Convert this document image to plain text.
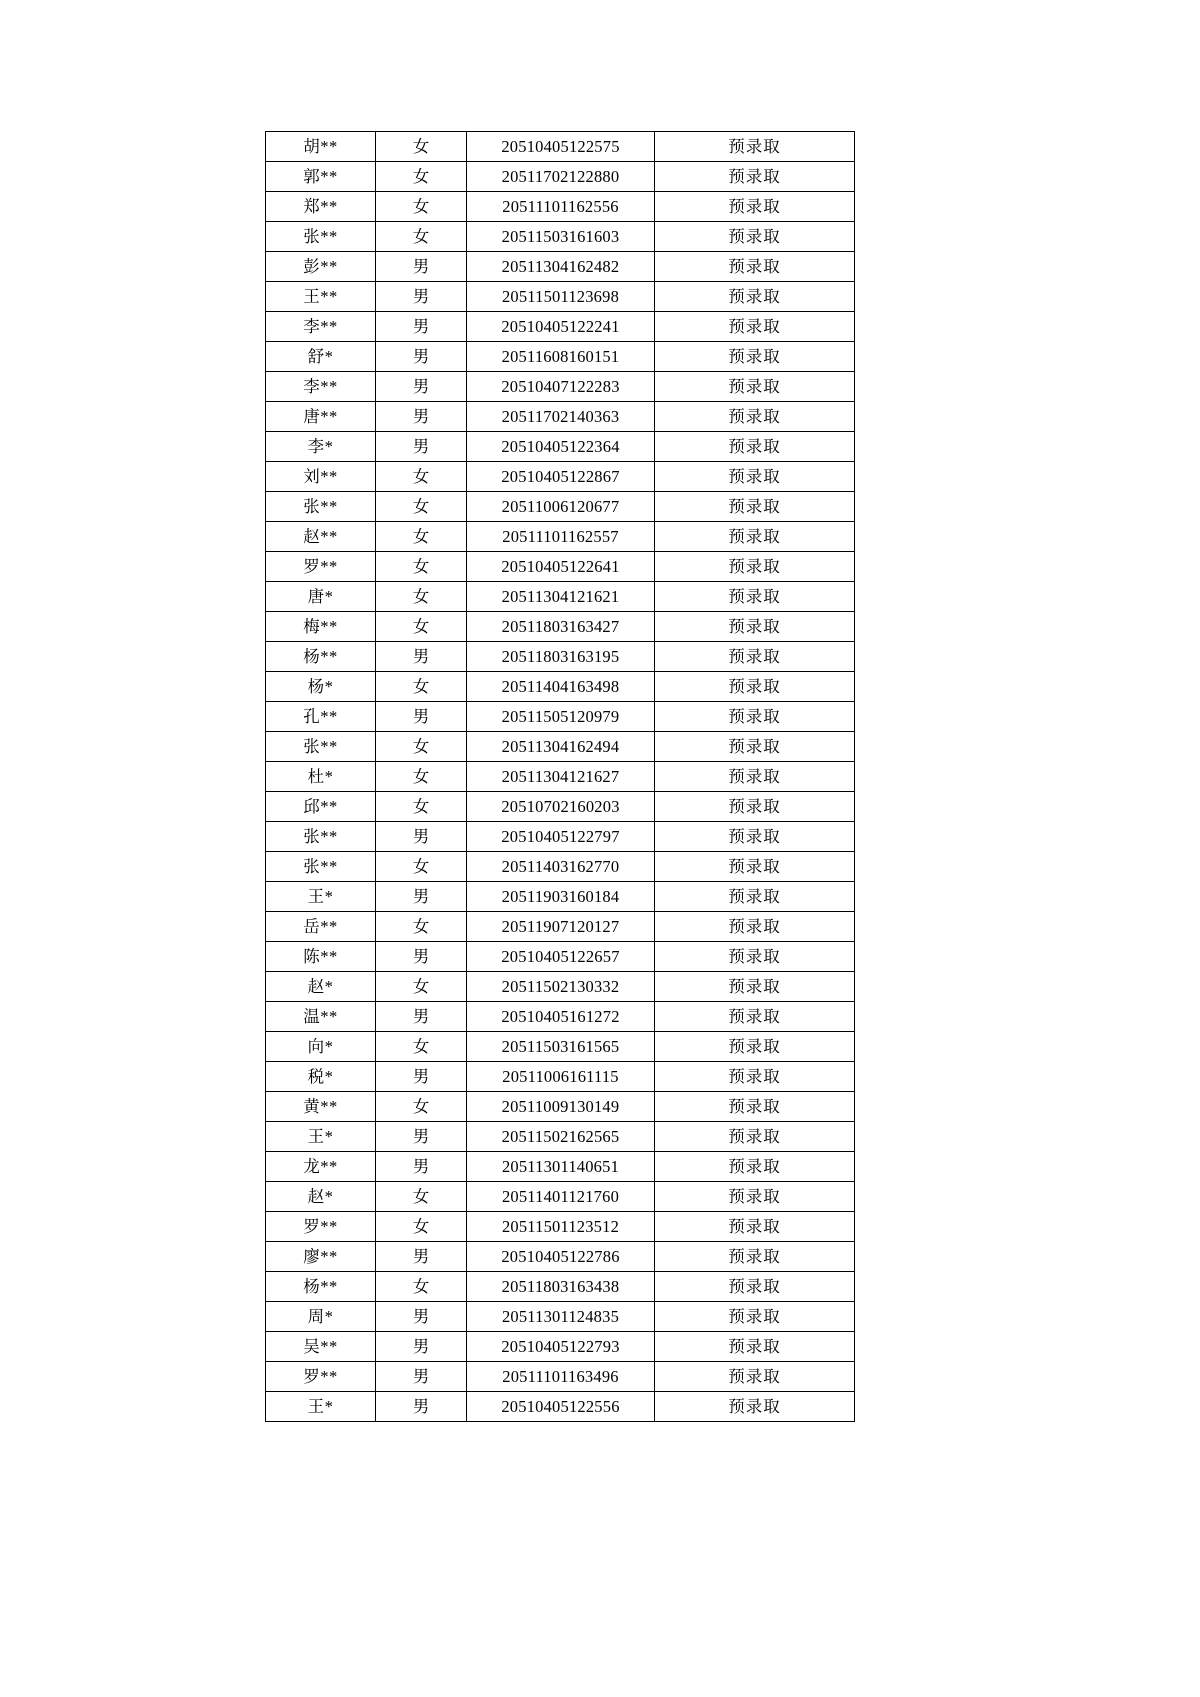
胡**	女	20510405122575	预录取
郭**	女	20511702122880	预录取
郑**	女	20511101162556	预录取
张**	女	20511503161603	预录取
彭**	男	20511304162482	预录取
王**	男	20511501123698	预录取
李**	男	20510405122241	预录取
舒*	男	20511608160151	预录取
李**	男	20510407122283	预录取
唐**	男	20511702140363	预录取
李*	男	20510405122364	预录取
刘**	女	20510405122867	预录取
张**	女	20511006120677	预录取
赵**	女	20511101162557	预录取
罗**	女	20510405122641	预录取
唐*	女	20511304121621	预录取
梅**	女	20511803163427	预录取
杨**	男	20511803163195	预录取
杨*	女	20511404163498	预录取
孔**	男	20511505120979	预录取
张**	女	20511304162494	预录取
杜*	女	20511304121627	预录取
邱**	女	20510702160203	预录取
张**	男	20510405122797	预录取
张**	女	20511403162770	预录取
王*	男	20511903160184	预录取
岳**	女	20511907120127	预录取
陈**	男	20510405122657	预录取
赵*	女	20511502130332	预录取
温**	男	20510405161272	预录取
向*	女	20511503161565	预录取
税*	男	20511006161115	预录取
黄**	女	20511009130149	预录取
王*	男	20511502162565	预录取
龙**	男	20511301140651	预录取
赵*	女	20511401121760	预录取
罗**	女	20511501123512	预录取
廖**	男	20510405122786	预录取
杨**	女	20511803163438	预录取
周*	男	20511301124835	预录取
吴**	男	20510405122793	预录取
罗**	男	20511101163496	预录取
王*	男	20510405122556	预录取
